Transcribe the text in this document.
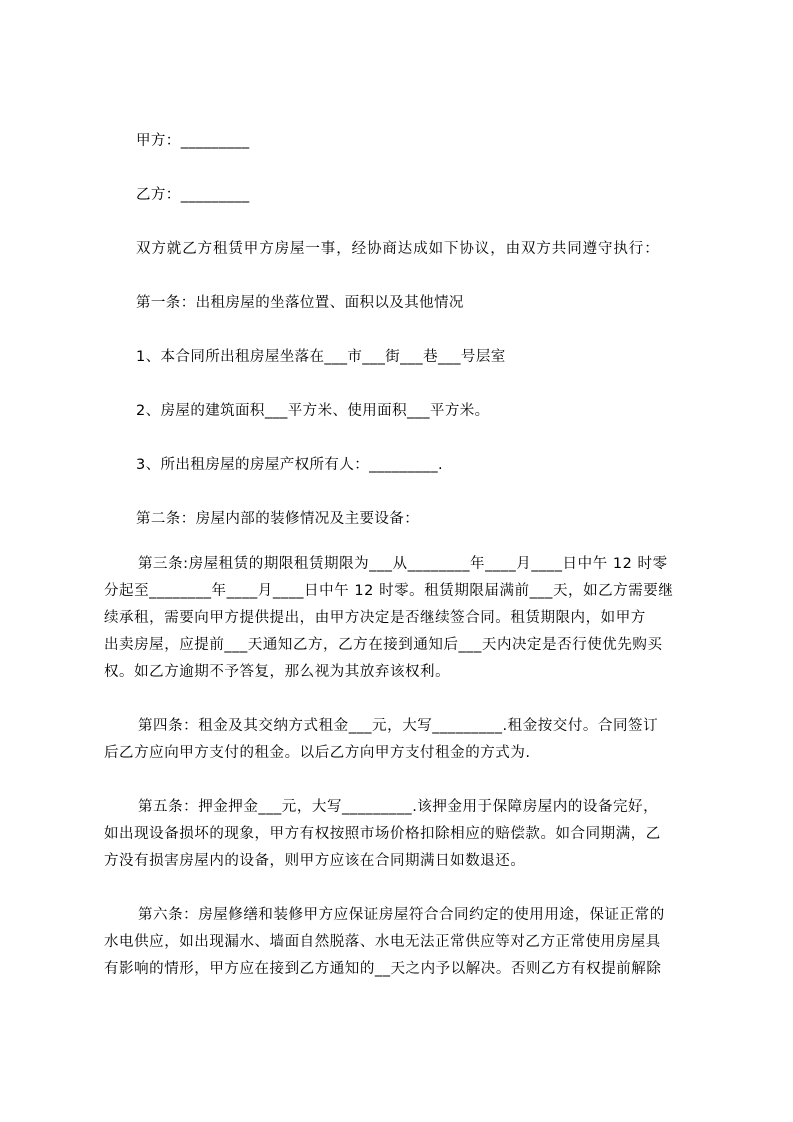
甲方：_________
乙方：_________
双方就乙方租赁甲方房屋一事，经协商达成如下协议，由双方共同遵守执行：
第一条：出租房屋的坐落位置、面积以及其他情况
1、本合同所出租房屋坐落在___市___街___巷___号层室
2、房屋的建筑面积___平方米、使用面积___平方米。
3、所出租房屋的房屋产权所有人：_________.
第二条：房屋内部的装修情况及主要设备：
第三条:房屋租赁的期限租赁期限为___从________年____月____日中午 12 时零
分起至________年____月____日中午 12 时零。租赁期限届满前___天，如乙方需要继
续承租，需要向甲方提供提出，由甲方决定是否继续签合同。租赁期限内，如甲方
出卖房屋，应提前___天通知乙方，乙方在接到通知后___天内决定是否行使优先购买
权。如乙方逾期不予答复，那么视为其放弃该权利。
第四条：租金及其交纳方式租金___元，大写_________.租金按交付。合同签订
后乙方应向甲方支付的租金。以后乙方向甲方支付租金的方式为.
第五条：押金押金___元，大写_________.该押金用于保障房屋内的设备完好，
如出现设备损坏的现象，甲方有权按照市场价格扣除相应的赔偿款。如合同期满，乙
方没有损害房屋内的设备，则甲方应该在合同期满日如数退还。
第六条：房屋修缮和装修甲方应保证房屋符合合同约定的使用用途，保证正常的
水电供应，如出现漏水、墙面自然脱落、水电无法正常供应等对乙方正常使用房屋具
有影响的情形，甲方应在接到乙方通知的__天之内予以解决。否则乙方有权提前解除
